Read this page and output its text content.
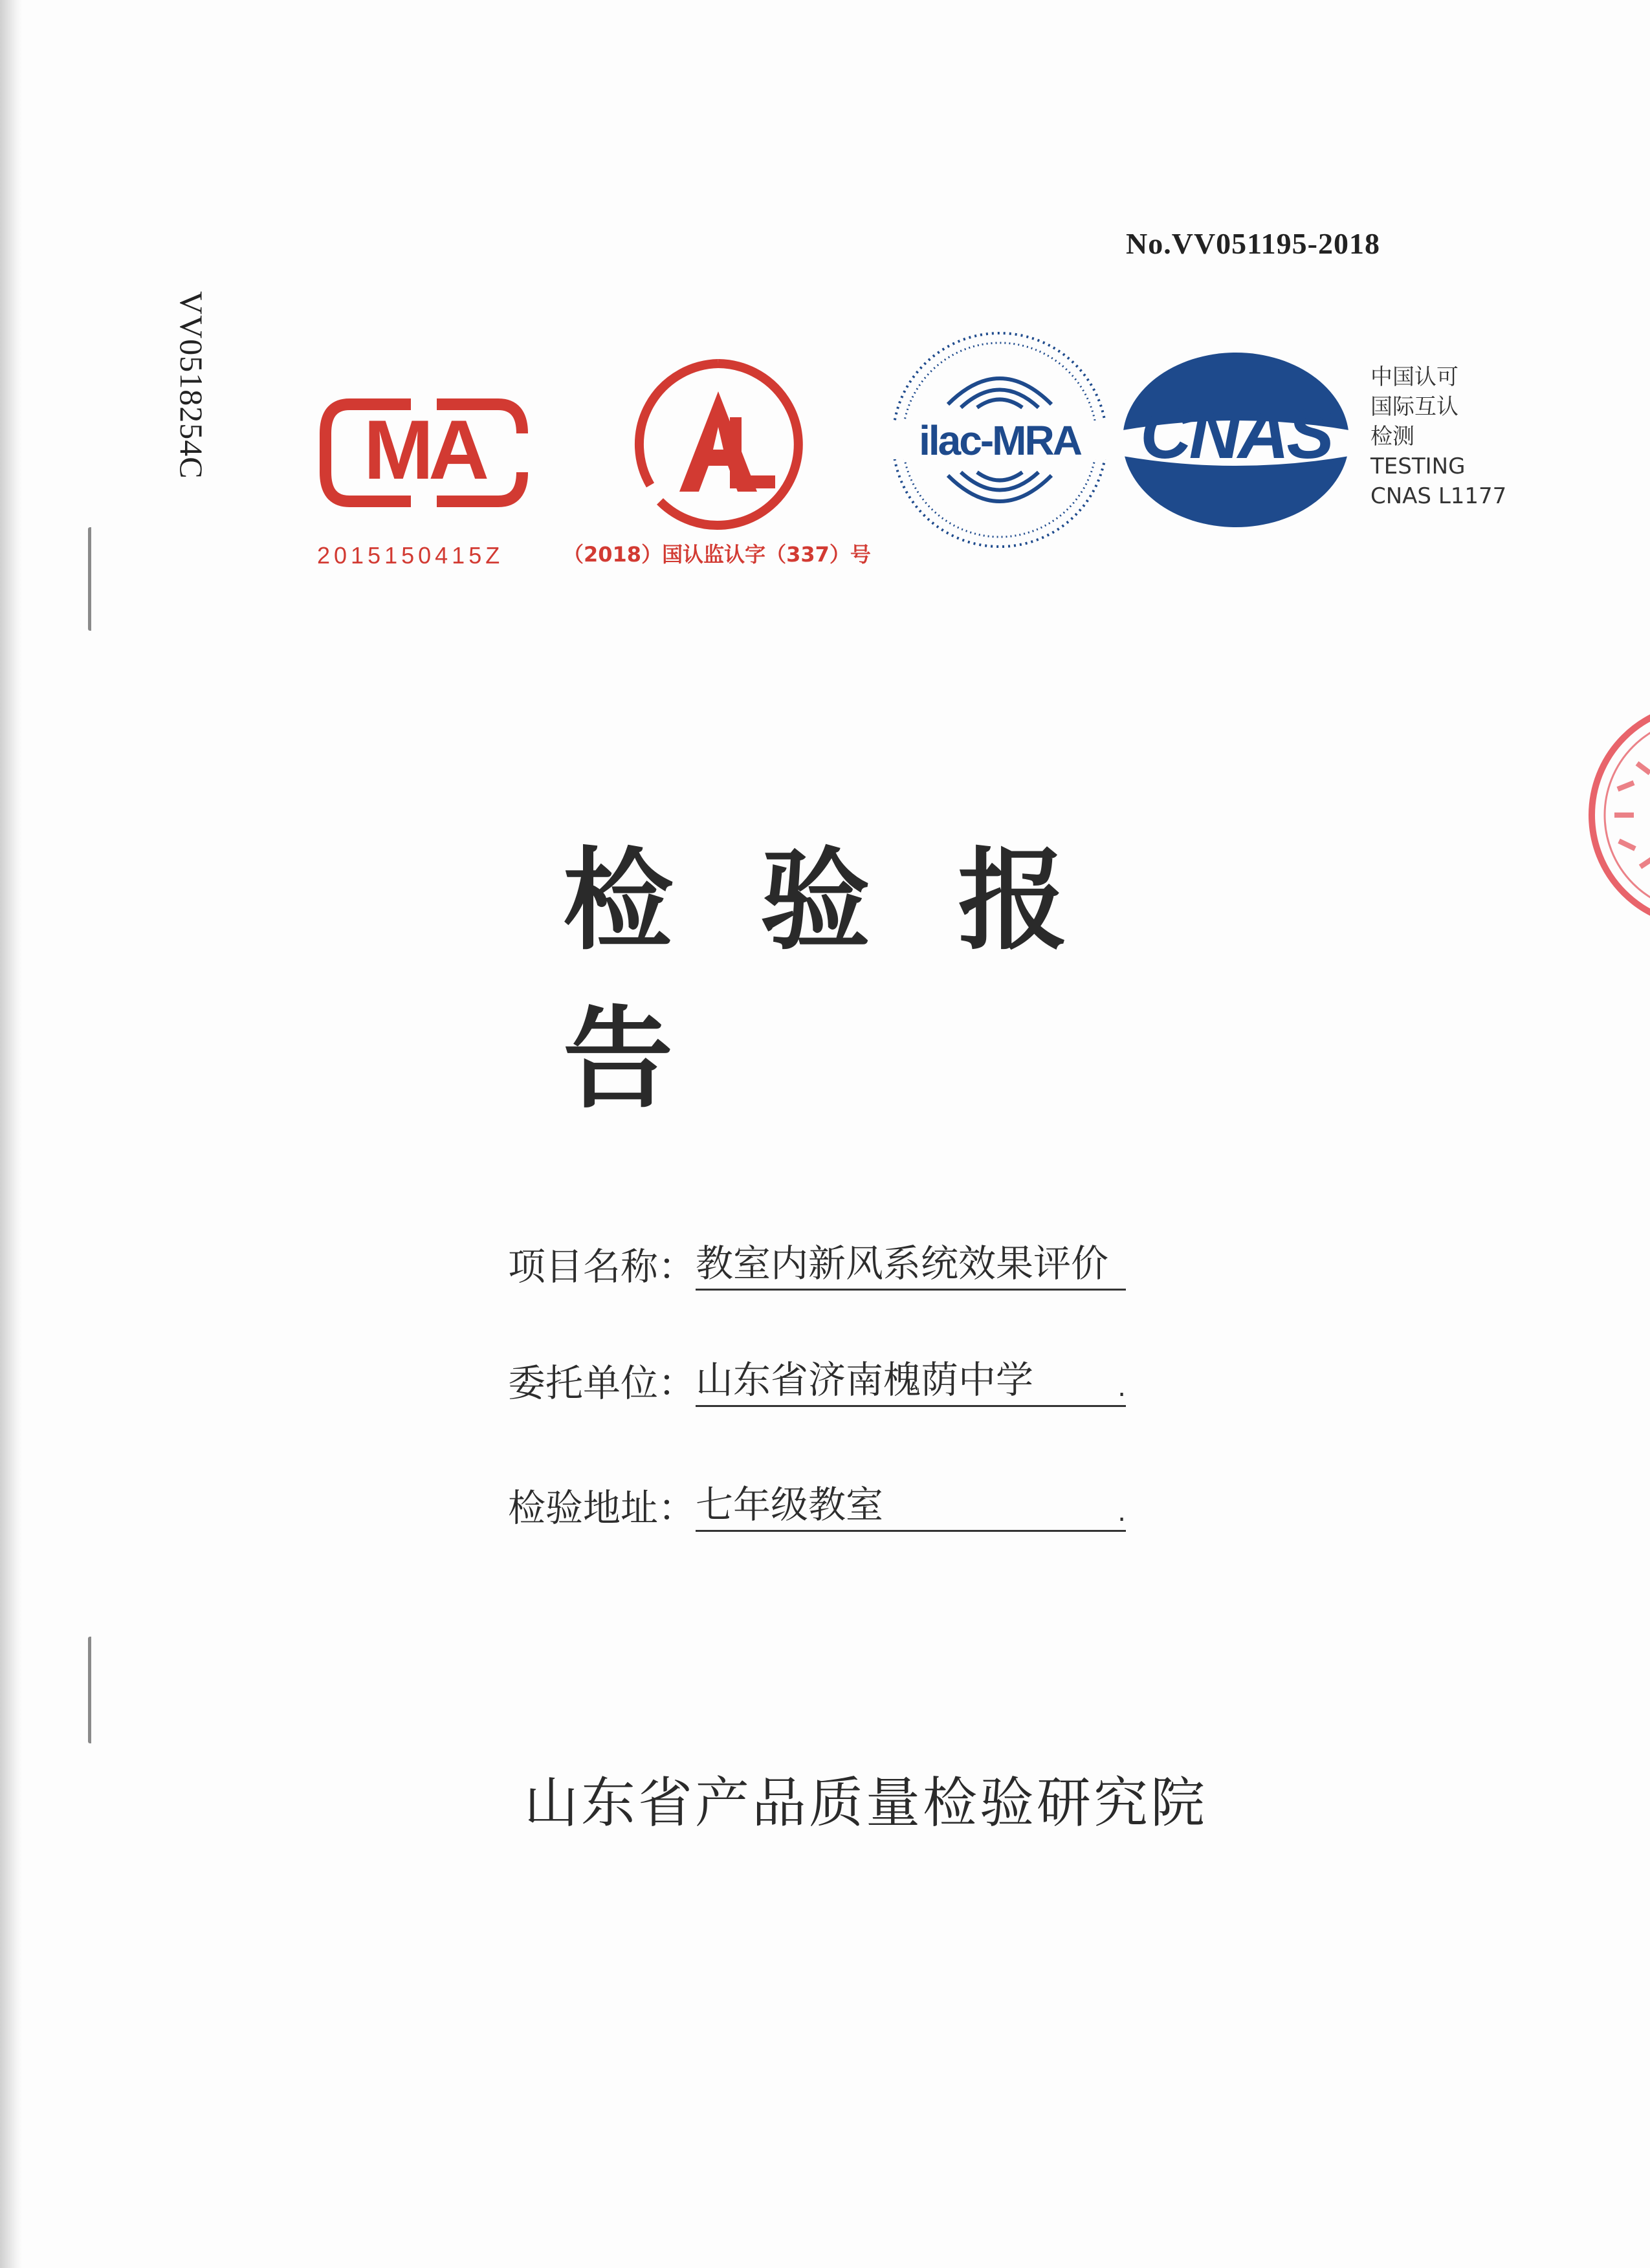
No.VV051195-2018
VV0518254C MA
2015150415Z	（2018）国认监认字（337）号
ilac-MRA CNAS
中国认可
国际互认
检测
TESTING
CNAS L1177
检 验 报 告
项目名称： 教室内新风系统效果评价
委托单位： 山东省济南槐荫中学	.
检验地址： 七年级教室	.
山东省产品质量检验研究院
